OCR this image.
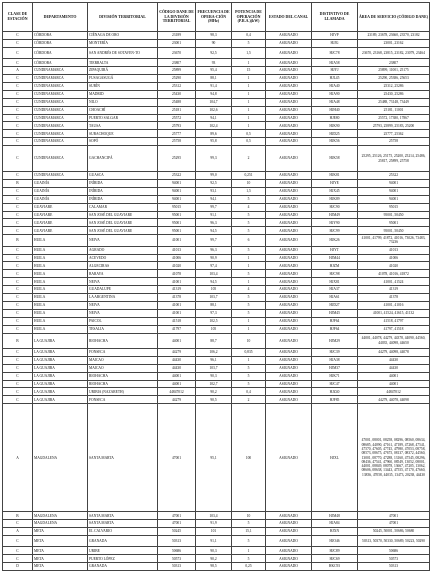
CLASE DE ESTACIÓN	DEPARTAMENTO	DIVISIÓN TERRITORIAL	CÓDIGO DANE DE LA DIVISIÓN TERRITORIAL	FRECUENCIA DE OPERA-CIÓN (MHz)	POTENCIA DE OPERACIÓN (P.R.A.)(kW)	ESTADO DEL CANAL	DISTINTIVO DE LLAMADA	ÁREA DE SERVICIO (CÓDIGO DANE)
C	CÓRDOBA	CIÉNAGA DE ORO	23189	98,3	0,4	ASIGNADO	HJVP	23189, 23678, 23660, 23570, 23182
C	CÓRDOBA	MONTERÍA	23001	90	5	ASIGNADO	HJJG	23001, 23162
C	CÓRDOBA	SAN ANDRÉS DE SOTAVEN-TO	23670	92,5	1,5	ASIGNADO	HJC78	23670, 23168, 23815, 23182, 23079, 23464
C	CÓRDOBA	TIERRALTA	23807	93	1	ASIGNADO	HJA58	23807
A	CUNDINAMARCA	ZIPAQUIRÁ	25899	95,4	15	ASIGNADO	HJYJ	25899, 11001, 25175
C	CUNDINAMARCA	FUSAGASUGÁ	25290	88,1	1	ASIGNADO	HJL45	25290, 25386, 25653
C	CUNDINAMARCA	SUBÍN	25312	91,4	1	ASIGNADO	HJA40	25312, 25286
C	CUNDINAMARCA	MADRID	25430	94,8	1	ASIGNADO	HJA90	25430, 25286
C	CUNDINAMARCA	NILO	25488	104,7	1	ASIGNADO	HJA48	25488, 73148, 73449
C	CUNDINAMARCA	CHOACHÍ	25181	102,6	1	ASIGNADO	HJH40	25181, 11001
C	CUNDINAMARCA	PUERTO SALGAR	25572	94,1	1	ASIGNADO	HJE80	25572, 17380, 17867
C	CUNDINAMARCA	TAUSA	25793	102,4	1	ASIGNADO	HJK90	25793, 25899, 25183, 25200
C	CUNDINAMARCA	SUBACHOQUE	25777	89,6	0,5	ASIGNADO	HJD25	25777, 25362
C	CUNDINAMARCA	SOPÓ	25758	95,8	0,5	ASIGNADO	HJK56	25758
C	CUNDINAMARCA	GACHANCIPÁ	25295	99,3	2	ASIGNADO	HJK58	25295, 25126, 25175, 25200, 25214, 25486, 25817, 25899, 25758
C	CUNDINAMARCA	GUASCA	25322	99,0	0,251	ASIGNADO	HJK81	25322
B	GUAINÍA	INÍRIDA	94001	92,5	10	ASIGNADO	HJYE	94001
C	GUAINÍA	INÍRIDA	94001	93,1	1,5	ASIGNADO	HJX45	94001
C	GUAINÍA	INÍRIDA	94001	94,1	5	ASIGNADO	HJK89	94001
C	GUAVIARE	CALAMAR	95015	99,7	4	ASIGNADO	HJC90	95015
C	GUAVIARE	SAN JOSÉ DEL GUAVIARE	95001	91,1	5	ASIGNADO	HJM49	95001, 50450
C	GUAVIARE	SAN JOSÉ DEL GUAVIARE	95001	96,3	5	ASIGNADO	HJY90	95001
C	GUAVIARE	SAN JOSÉ DEL GUAVIARE	95001	94,5	5	ASIGNADO	HJC99	95001, 50450
B	HUILA	NEIVA	41001	99,7	6	ASIGNADO	HJK26	41001, 41799, 41872, 41016, 73026, 73483, 73236
C	HUILA	AGRADO	41013	96,3	5	ASIGNADO	HJYT	41013
C	HUILA	ACEVEDO	41006	90,9	1	ASIGNADO	HJM44	41006
C	HUILA	ALGECIRAS	41020	97,4	1	ASIGNADO	HJZM	41020
C	HUILA	BARAYA	41078	103,4	5	ASIGNADO	HJC98	41078, 41016, 41872
C	HUILA	NEIVA	41001	94,5	1	ASIGNADO	HJX81	41001, 41524
C	HUILA	GUADALUPE	41319	105	4	ASIGNADO	HJA37	41319
C	HUILA	LA ARGENTINA	41378	103,7	5	ASIGNADO	HJA61	41378
C	HUILA	NEIVA	41001	88,1	5	ASIGNADO	HJD27	41001, 41016
C	HUILA	NEIVA	41001	97,3	5	ASIGNADO	HJM45	41001, 41524, 41615, 41132
C	HUILA	PAICOL	41518	102,5	1	ASIGNADO	HJF64	41518, 41797
C	HUILA	TESALIA	41797	105	1	ASIGNADO	HJF64	41797, 41518
B	LA GUAJIRA	RIOHACHA	44001	88,7	10	ASIGNADO	HJM29	44001, 44078, 44279, 44378, 44090, 44560, 44035, 44098, 44650
C	LA GUAJIRA	FONSECA	44279	106,2	0,835	ASIGNADO	HJC39	44279, 44098, 44078
C	LA GUAJIRA	MAICAO	44430	96,1	1	ASIGNADO	HJA38	44430
C	LA GUAJIRA	MAICAO	44430	103,7	5	ASIGNADO	HJM37	44430
C	LA GUAJIRA	RIOHACHA	44001	90,3	5	ASIGNADO	HJK71	44001
C	LA GUAJIRA	RIOHACHA	44001	102,7	5	ASIGNADO	HJC47	44001
C	LA GUAJIRA	URIBIA (NAZARETH)	44847012	90,2	0,4	ASIGNADO	HJZ40	44847012
C	LA GUAJIRA	FONSECA	44279	90,5	2	ASIGNADO	HJF85	44279, 44078, 44098
A	MAGDALENA	SANTA MARTA	47001	95,1	100	ASIGNADO	HJXL	47001, 08001, 08258, 08296, 08560, 08634, 08685, 44090, 47161, 47189, 47268, 47541, 47570, 47605, 47745, 47980, 47053, 08758, 08573, 08675, 47675, 08137, 08372, 44560, 13001, 08770, 47288, 13160, 47545, 08296, 08436, 47541, 47960, 08549, 13052, 08001, 44001, 08849, 08078, 13667, 47205, 13062, 08606, 08638, 13443, 47555, 47170, 47660, 13836, 47058, 44035, 13473, 20238, 44430
B	MAGDALENA	SANTA MARTA	47001	103,4	10	ASIGNADO	HJM48	47001
C	MAGDALENA	SANTA MARTA	47001	91,9	5	ASIGNADO	HJA84	47001
A	META	EL CALVARIO	50245	101	15,1	ASIGNADO	HJXN	50245, 50001, 50686, 50680
C	META	GRANADA	50313	91,1	5	ASIGNADO	HJO46	50313, 50370, 50330, 50689, 50223, 50290
C	META	URIBE	50686	90,3	1	ASIGNADO	HJC89	50686
C	META	PUERTO LÓPEZ	50573	90,2	5	ASIGNADO	HJC69	50573
D	META	GRANADA	50313	98,5	0,25	ASIGNADO	HKC93	50313
